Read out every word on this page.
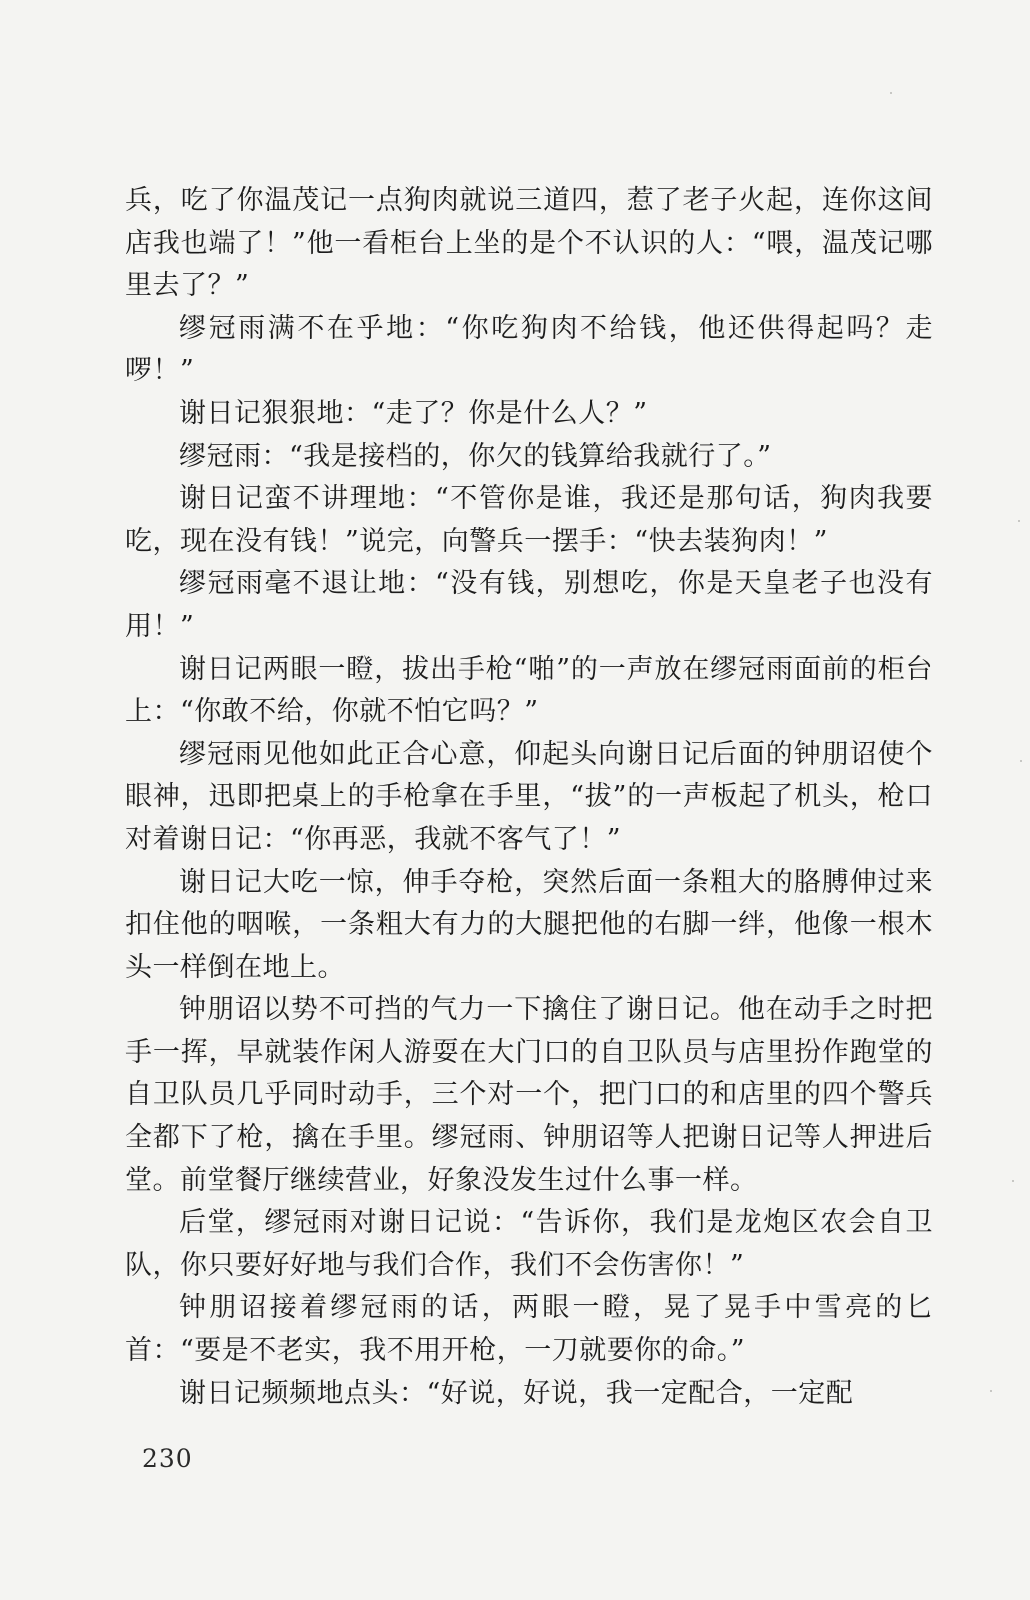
兵，吃了你温茂记一点狗肉就说三道四，惹了老子火起，连你这间店我也端了！”他一看柜台上坐的是个不认识的人：“喂，温茂记哪里去了？”

缪冠雨满不在乎地：“你吃狗肉不给钱，他还供得起吗？走啰！”

谢日记狠狠地：“走了？你是什么人？”

缪冠雨：“我是接档的，你欠的钱算给我就行了。”

谢日记蛮不讲理地：“不管你是谁，我还是那句话，狗肉我要吃，现在没有钱！”说完，向警兵一摆手：“快去装狗肉！”

缪冠雨毫不退让地：“没有钱，别想吃，你是天皇老子也没有用！”

谢日记两眼一瞪，拔出手枪“啪”的一声放在缪冠雨面前的柜台上：“你敢不给，你就不怕它吗？”

缪冠雨见他如此正合心意，仰起头向谢日记后面的钟朋诏使个眼神，迅即把桌上的手枪拿在手里，“拔”的一声板起了机头，枪口对着谢日记：“你再恶，我就不客气了！”

谢日记大吃一惊，伸手夺枪，突然后面一条粗大的胳膊伸过来扣住他的咽喉，一条粗大有力的大腿把他的右脚一绊，他像一根木头一样倒在地上。

钟朋诏以势不可挡的气力一下擒住了谢日记。他在动手之时把手一挥，早就装作闲人游耍在大门口的自卫队员与店里扮作跑堂的自卫队员几乎同时动手，三个对一个，把门口的和店里的四个警兵全都下了枪，擒在手里。缪冠雨、钟朋诏等人把谢日记等人押进后堂。前堂餐厅继续营业，好象没发生过什么事一样。

后堂，缪冠雨对谢日记说：“告诉你，我们是龙炮区农会自卫队，你只要好好地与我们合作，我们不会伤害你！”

钟朋诏接着缪冠雨的话，两眼一瞪，晃了晃手中雪亮的匕首：“要是不老实，我不用开枪，一刀就要你的命。”

谢日记频频地点头：“好说，好说，我一定配合，一定配

230
